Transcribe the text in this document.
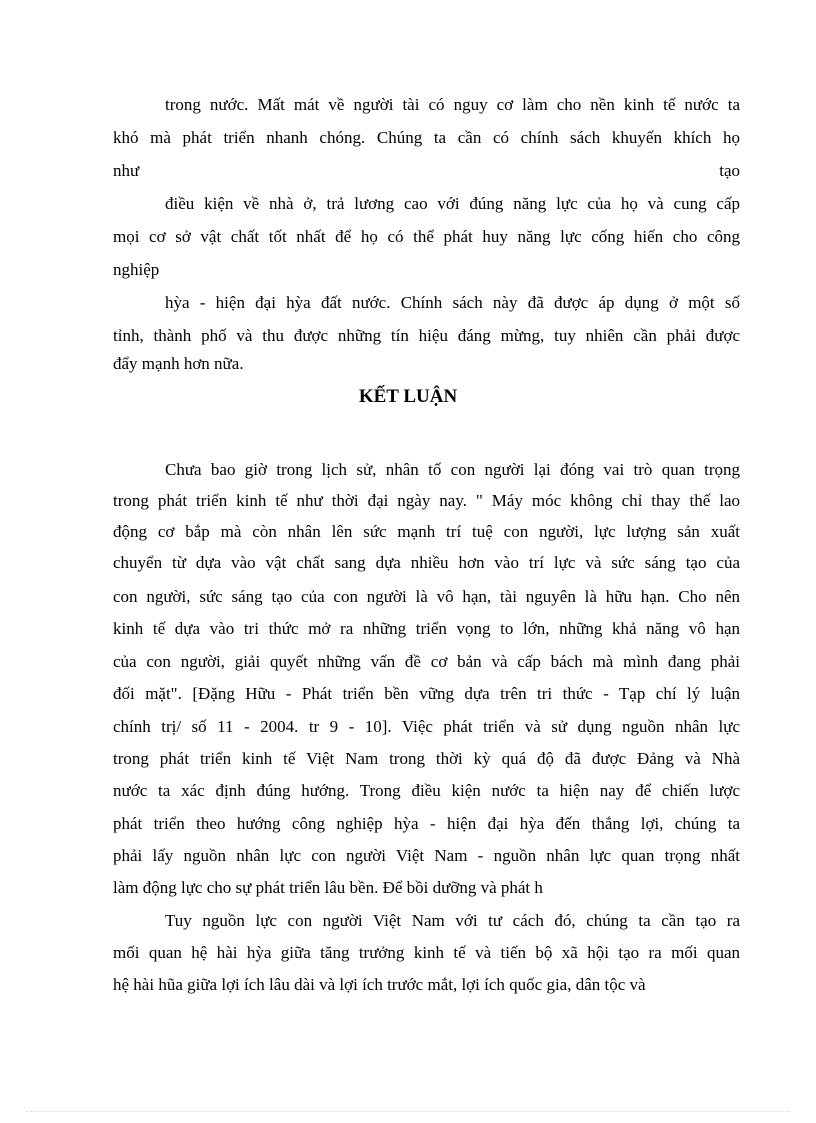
trong nước. Mất mát về người tài có nguy cơ làm cho nền kinh tế nước ta
khó mà phát triển nhanh chóng. Chúng ta cần có chính sách khuyến khích họ
như	tạo
điều kiện về nhà ở, trả lương cao với đúng năng lực của họ và cung cấp
mọi cơ sở vật chất tốt nhất để họ có thể phát huy năng lực cống hiến cho công
nghiệp
hỳa - hiện đại hỳa đất nước. Chính sách này đã được áp dụng ở một số
tỉnh, thành phố và thu được những tín hiệu đáng mừng, tuy nhiên cần phải được
đẩy mạnh hơn nữa.
KẾT LUẬN
Chưa bao giờ trong lịch sử, nhân tố con người lại đóng vai trò quan trọng
trong phát triển kinh tế như thời đại ngày nay. " Máy móc không chỉ thay thế lao
động cơ bắp mà còn nhân lên sức mạnh trí tuệ con người, lực lượng sản xuất
chuyển từ dựa vào vật chất sang dựa nhiều hơn vào trí lực và sức sáng tạo của
con người, sức sáng tạo của con người là vô hạn, tài nguyên là hữu hạn. Cho nên
kinh tế dựa vào tri thức mở ra những triển vọng to lớn, những khả năng vô hạn
của con người, giải quyết những vấn đề cơ bản và cấp bách mà mình đang phải
đối mặt". [Đặng Hữu - Phát triển bền vững dựa trên tri thức - Tạp chí lý luận
chính trị/ số 11 - 2004. tr 9 - 10]. Việc phát triển và sử dụng nguồn nhân lực
trong phát triển kinh tế Việt Nam trong thời kỳ quá độ đã được Đảng và Nhà
nước ta xác định đúng hướng. Trong điều kiện nước ta hiện nay để chiến lược
phát triển theo hướng công nghiệp hỳa - hiện đại hỳa đến thắng lợi, chúng ta
phải lấy nguồn nhân lực con người Việt Nam - nguồn nhân lực quan trọng nhất
làm động lực cho sự phát triển lâu bền. Để bồi dưỡng và phát h
Tuy nguồn lực con người Việt Nam với tư cách đó, chúng ta cần tạo ra
mối quan hệ hài hỳa giữa tăng trưởng kinh tế và tiến bộ xã hội tạo ra mối quan
hệ hài hũa giữa lợi ích lâu dài và lợi ích trước mắt, lợi ích quốc gia, dân tộc và
